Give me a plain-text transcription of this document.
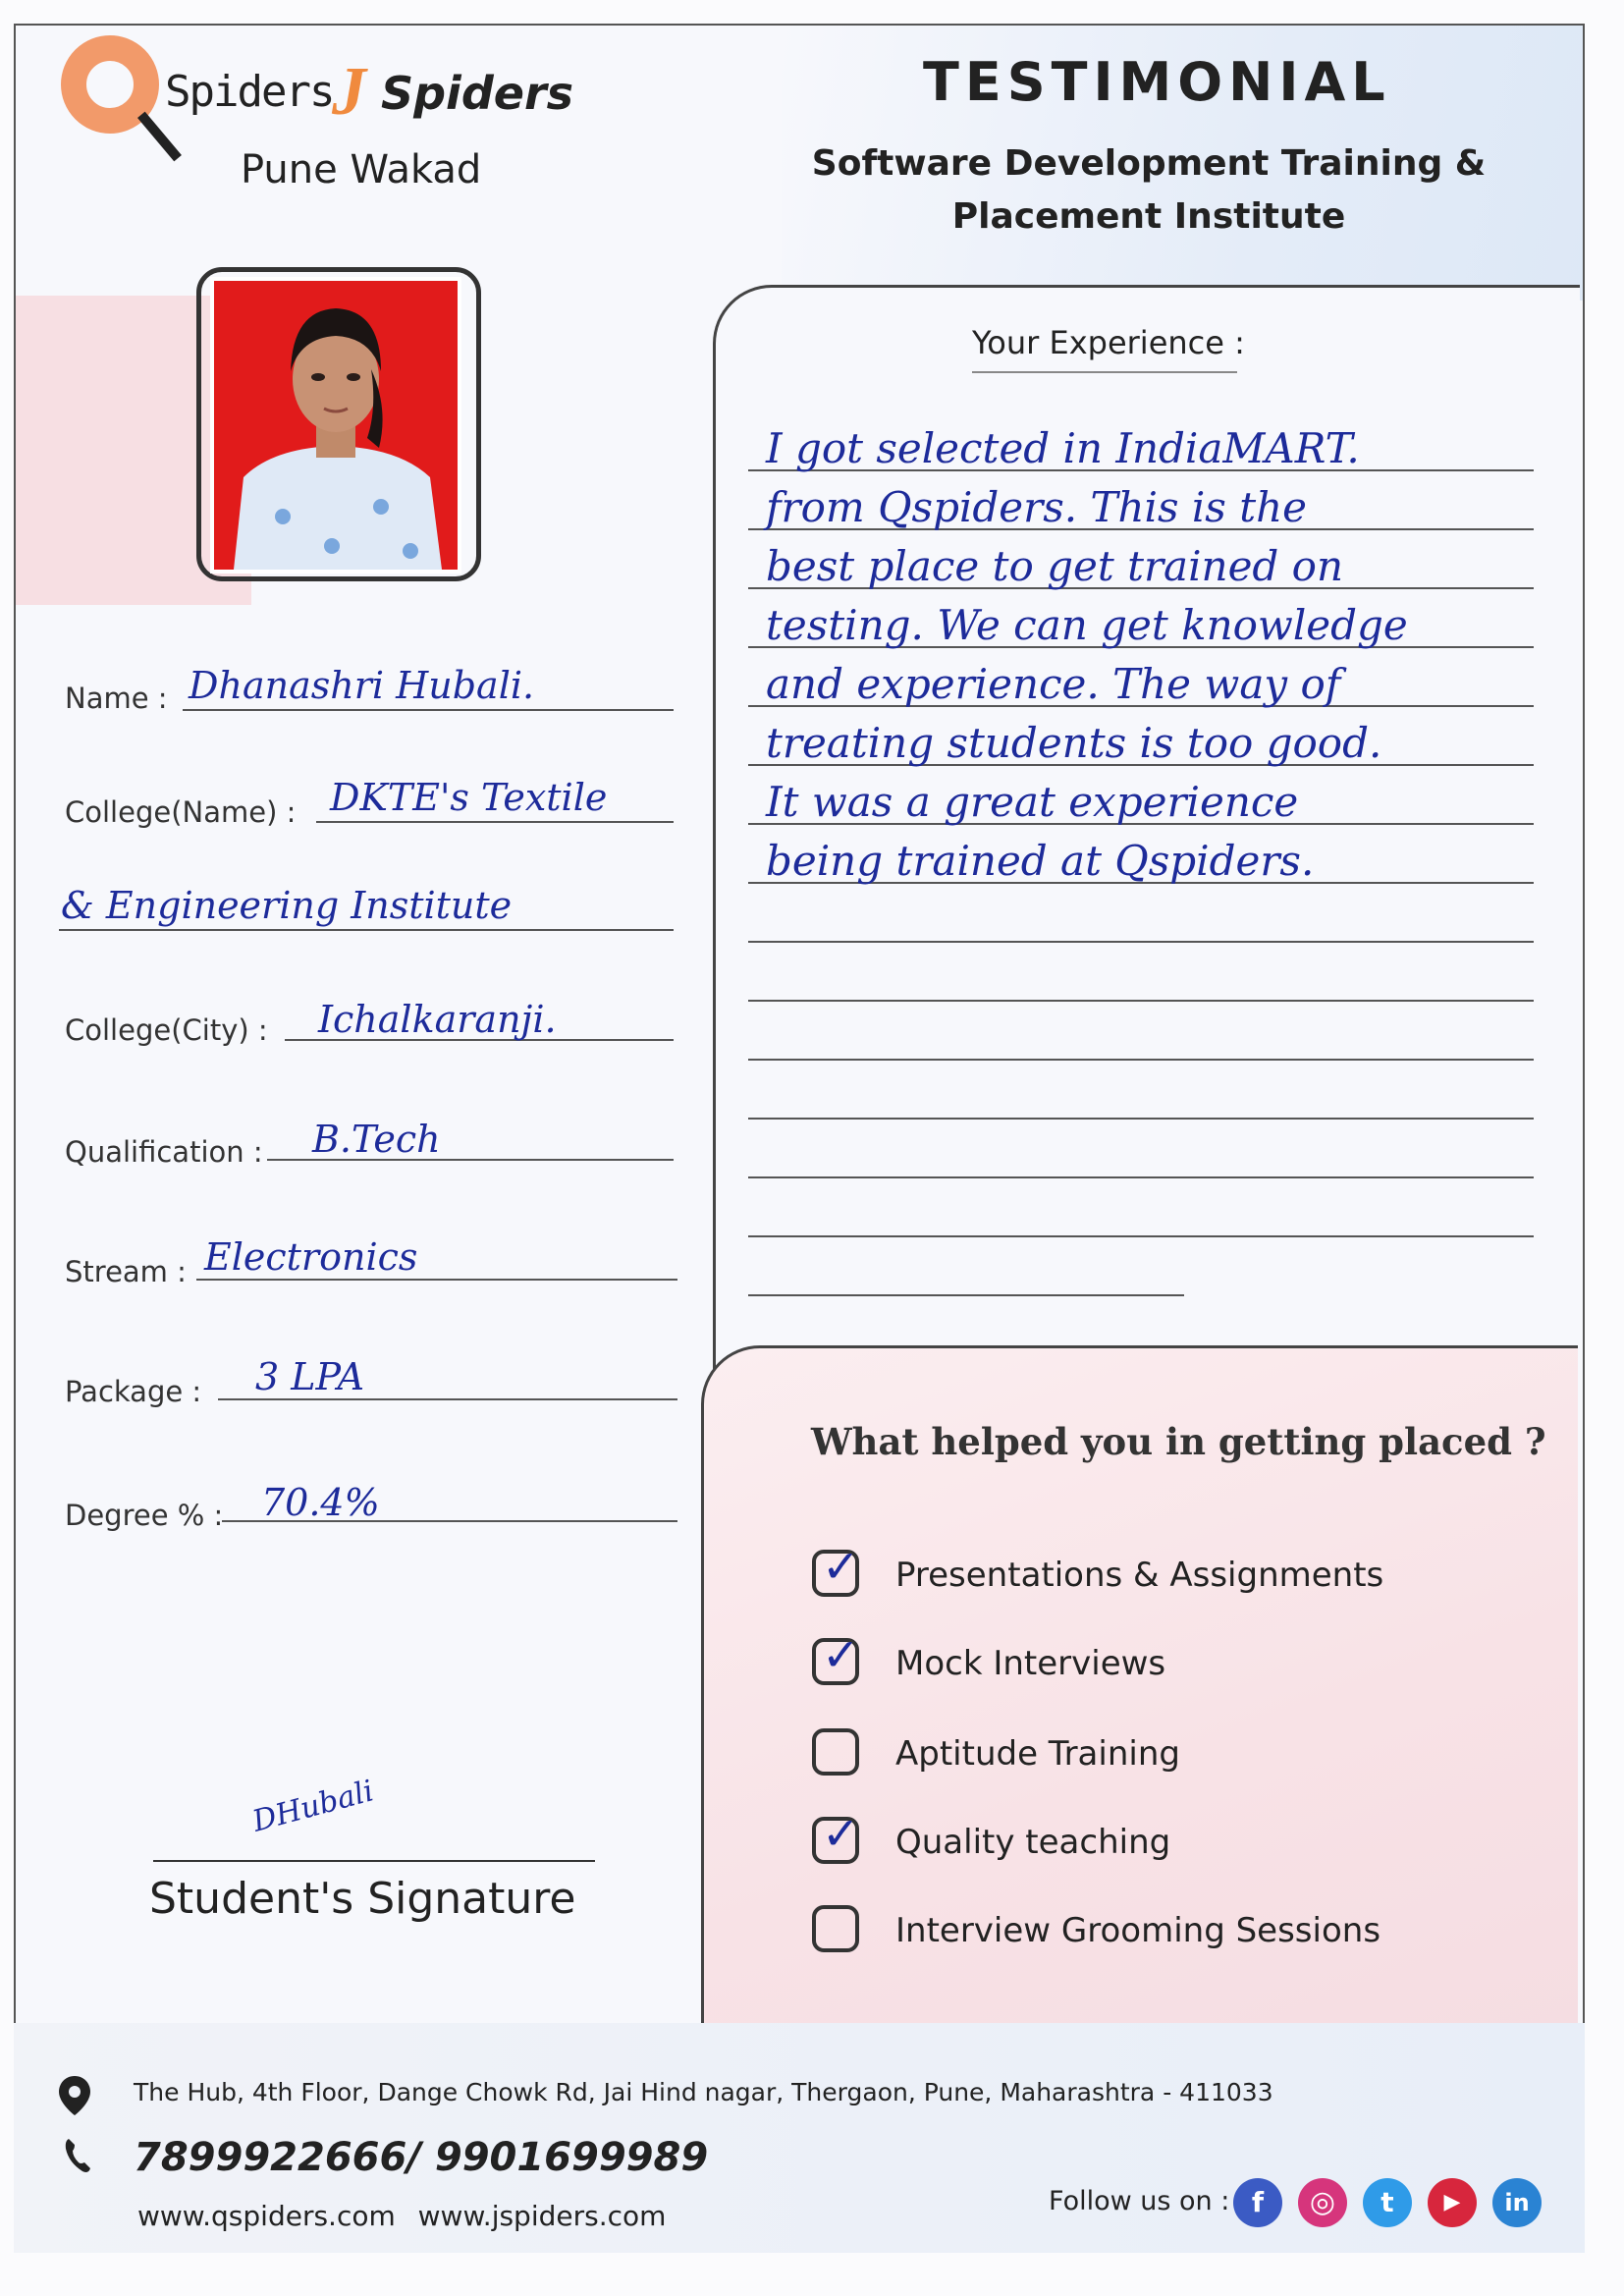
Spiders
J Spiders
Pune Wakad
TESTIMONIAL
Software Development Training &
Placement Institute
Name : Dhanashri Hubali.
College(Name) : DKTE's Textile
& Engineering Institute
College(City) : Ichalkaranji.
Qualification : B.Tech
Stream : Electronics
Package : 3 LPA
Degree % : 70.4%
Your Experience :
I got selected in IndiaMART.
from Qspiders. This is the
best place to get trained on
testing. We can get knowledge
and experience. The way of
treating students is too good.
It was a great experience
being trained at Qspiders.
What helped you in getting placed ?
✓ Presentations & Assignments
✓ Mock Interviews
Aptitude Training
✓ Quality teaching
Interview Grooming Sessions
DHubali
Student's Signature
The Hub, 4th Floor, Dange Chowk Rd, Jai Hind nagar, Thergaon, Pune, Maharashtra - 411033
7899922666/ 9901699989
www.qspiders.com www.jspiders.com	Follow us on : f	◎	t	▶	in
